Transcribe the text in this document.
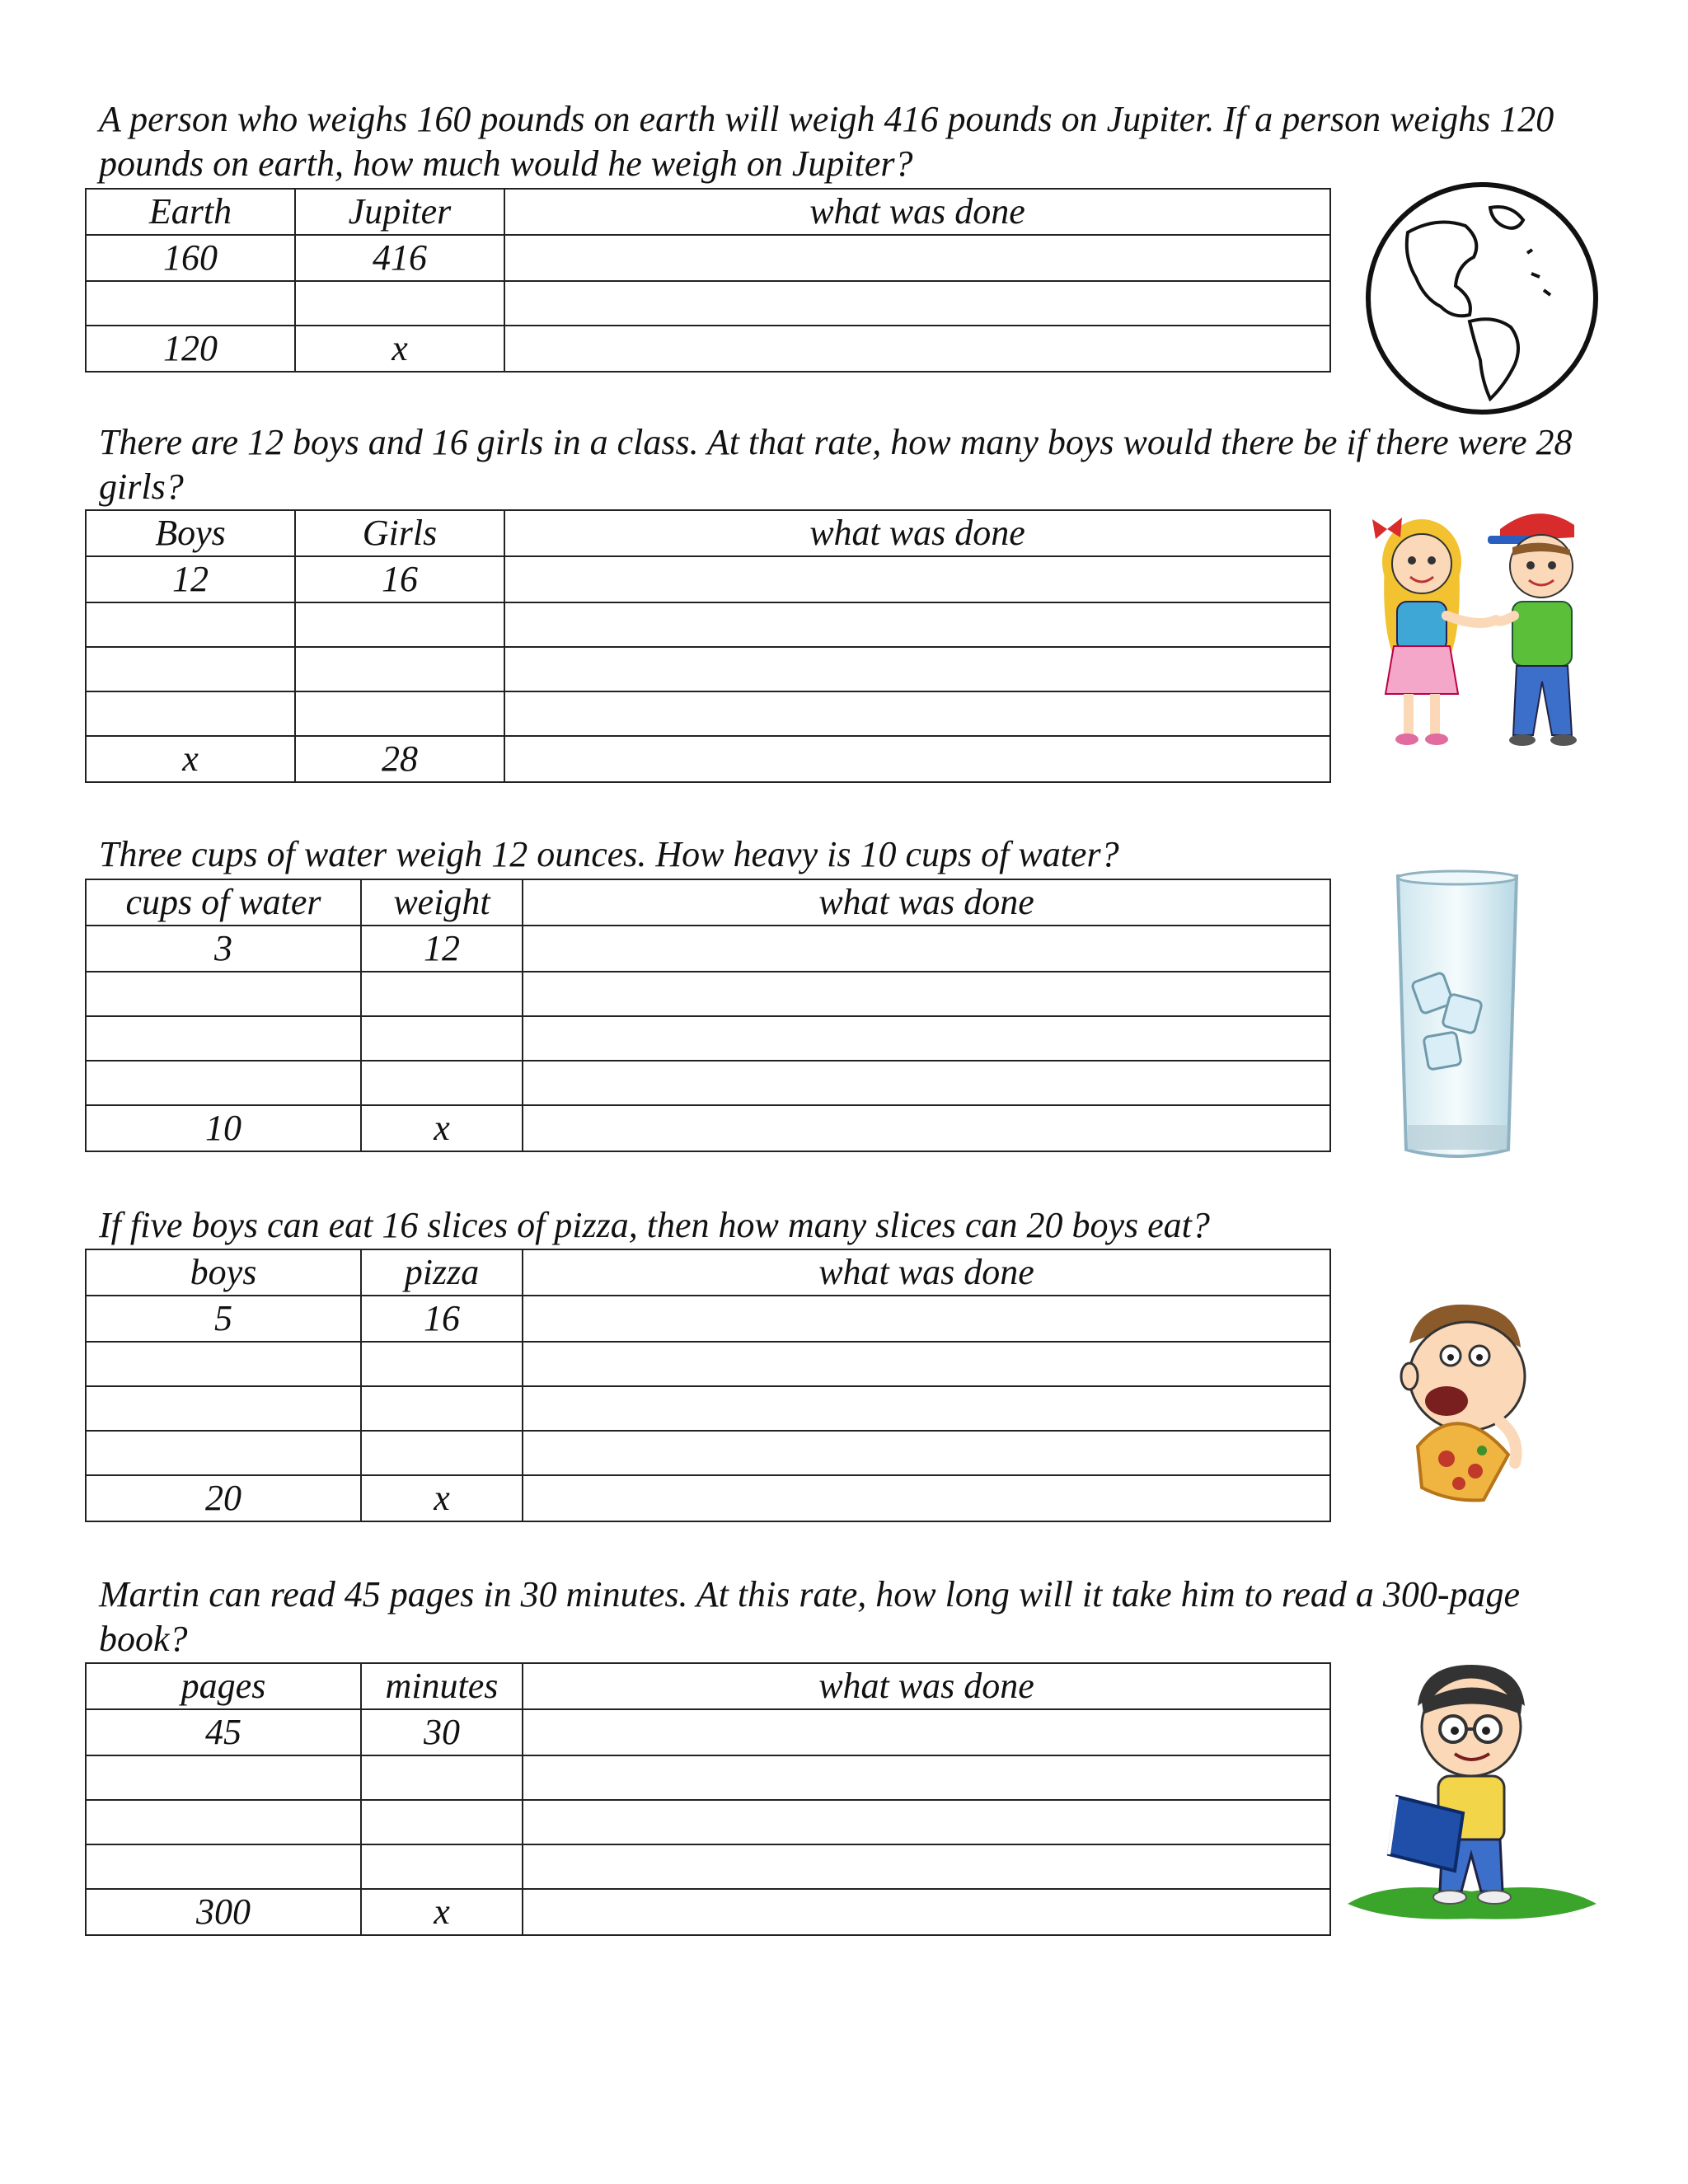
A person who weighs 160 pounds on earth will weigh 416 pounds on Jupiter. If a person weighs 120 pounds on earth, how much would he weigh on Jupiter?

Earth	Jupiter	what was done
160	416	

120	x	

There are 12 boys and 16 girls in a class. At that rate, how many boys would there be if there were 28 girls?

Boys	Girls	what was done
12	16	

x	28	

Three cups of water weigh 12 ounces. How heavy is 10 cups of water?

cups of water	weight	what was done
3	12	

10	x	

If five boys can eat 16 slices of pizza, then how many slices can 20 boys eat?

boys	pizza	what was done
5	16	

20	x	

Martin can read 45 pages in 30 minutes. At this rate, how long will it take him to read a 300-page book?

pages	minutes	what was done
45	30	

300	x	
